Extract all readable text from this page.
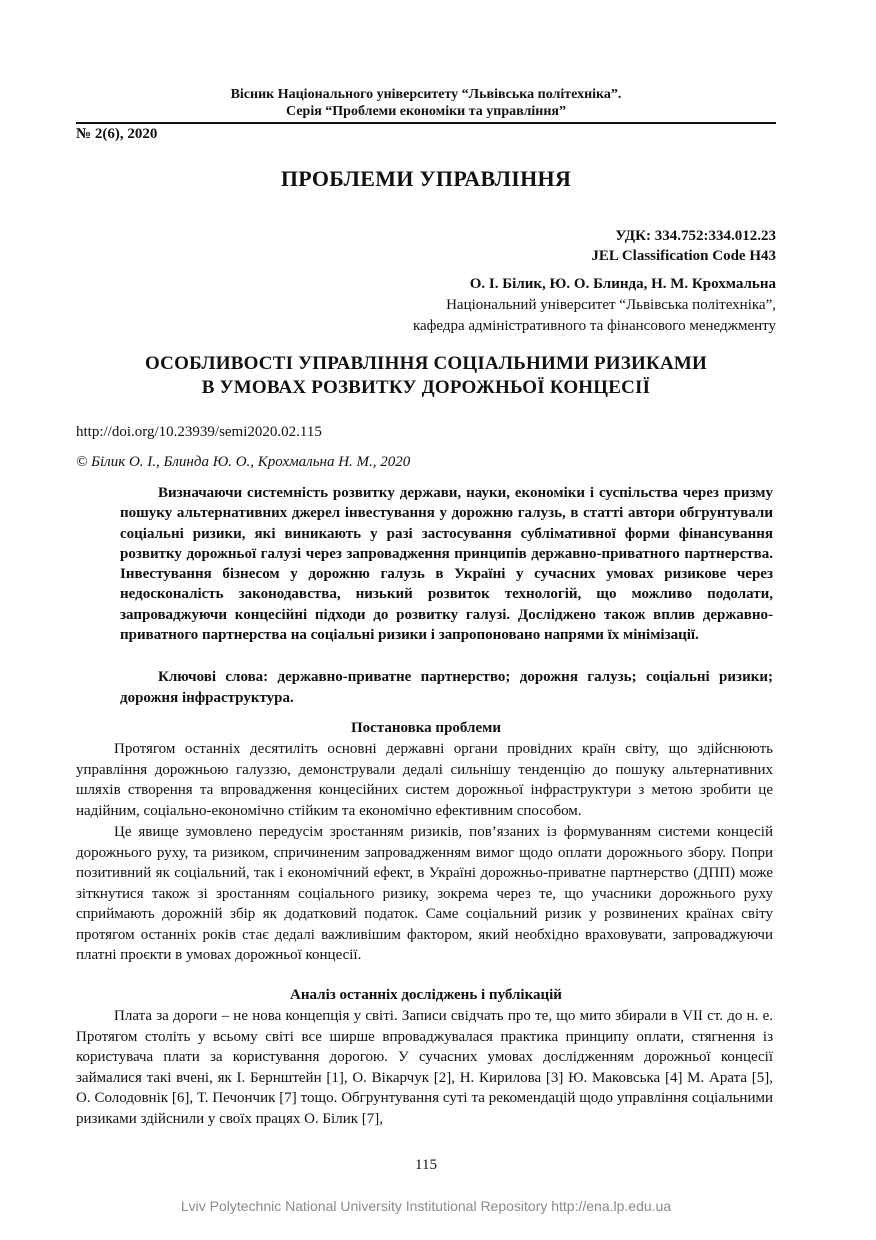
Вісник Національного університету “Львівська політехніка”.
Серія “Проблеми економіки та управління”
№ 2(6), 2020
ПРОБЛЕМИ УПРАВЛІННЯ
УДК: 334.752:334.012.23
JEL Classification Code H43
О. І. Білик, Ю. О. Блинда, Н. М. Крохмальна
Національний університет “Львівська політехніка”,
кафедра адміністративного та фінансового менеджменту
ОСОБЛИВОСТІ УПРАВЛІННЯ СОЦІАЛЬНИМИ РИЗИКАМИ
В УМОВАХ РОЗВИТКУ ДОРОЖНЬОЇ КОНЦЕСІЇ
http://doi.org/10.23939/semi2020.02.115
© Білик О. І., Блинда Ю. О., Крохмальна Н. М., 2020
Визначаючи системність розвитку держави, науки, економіки і суспільства через призму пошуку альтернативних джерел інвестування у дорожню галузь, в статті автори обгрунтували соціальні ризики, які виникають у разі застосування сублімативної форми фінансування розвитку дорожньої галузі через запровадження принципів державно-приватного партнерства. Інвестування бізнесом у дорожню галузь в Україні у сучасних умовах ризикове через недосконалість законодавства, низький розвиток технологій, що можливо подолати, запроваджуючи концесійні підходи до розвитку галузі. Досліджено також вплив державно-приватного партнерства на соціальні ризики і запропоновано напрями їх мінімізації.
Ключові слова: державно-приватне партнерство; дорожня галузь; соціальні ризики; дорожня інфраструктура.
Постановка проблеми
Протягом останніх десятиліть основні державні органи провідних країн світу, що здійснюють управління дорожньою галуззю, демонстрували дедалі сильнішу тенденцію до пошуку альтернативних шляхів створення та впровадження концесійних систем дорожньої інфраструктури з метою зробити це надійним, соціально-економічно стійким та економічно ефективним способом.
Це явище зумовлено передусім зростанням ризиків, пов’язаних із формуванням системи концесій дорожнього руху, та ризиком, спричиненим запровадженням вимог щодо оплати дорожнього збору. Попри позитивний як соціальний, так і економічний ефект, в Україні дорожньо-приватне партнерство (ДПП) може зіткнутися також зі зростанням соціального ризику, зокрема через те, що учасники дорожнього руху сприймають дорожній збір як додатковий податок. Саме соціальний ризик у розвинених країнах світу протягом останніх років стає дедалі важливішим фактором, який необхідно враховувати, запроваджуючи платні проєкти в умовах дорожньої концесії.
Аналіз останніх досліджень і публікацій
Плата за дороги – не нова концепція у світі. Записи свідчать про те, що мито збирали в VII ст. до н. е. Протягом століть у всьому світі все ширше впроваджувалася практика принципу оплати, стягнення із користувача плати за користування дорогою. У сучасних умовах дослідженням дорожньої концесії займалися такі вчені, як І. Бернштейн [1], О. Вікарчук [2], Н. Кирилова [3] Ю. Маковська [4] М. Арата [5], О. Солодовнік [6], Т. Печончик [7] тощо. Обгрунтування суті та рекомендацій щодо управління соціальними ризиками здійснили у своїх працях О. Білик [7],
115
Lviv Polytechnic National University Institutional Repository http://ena.lp.edu.ua
